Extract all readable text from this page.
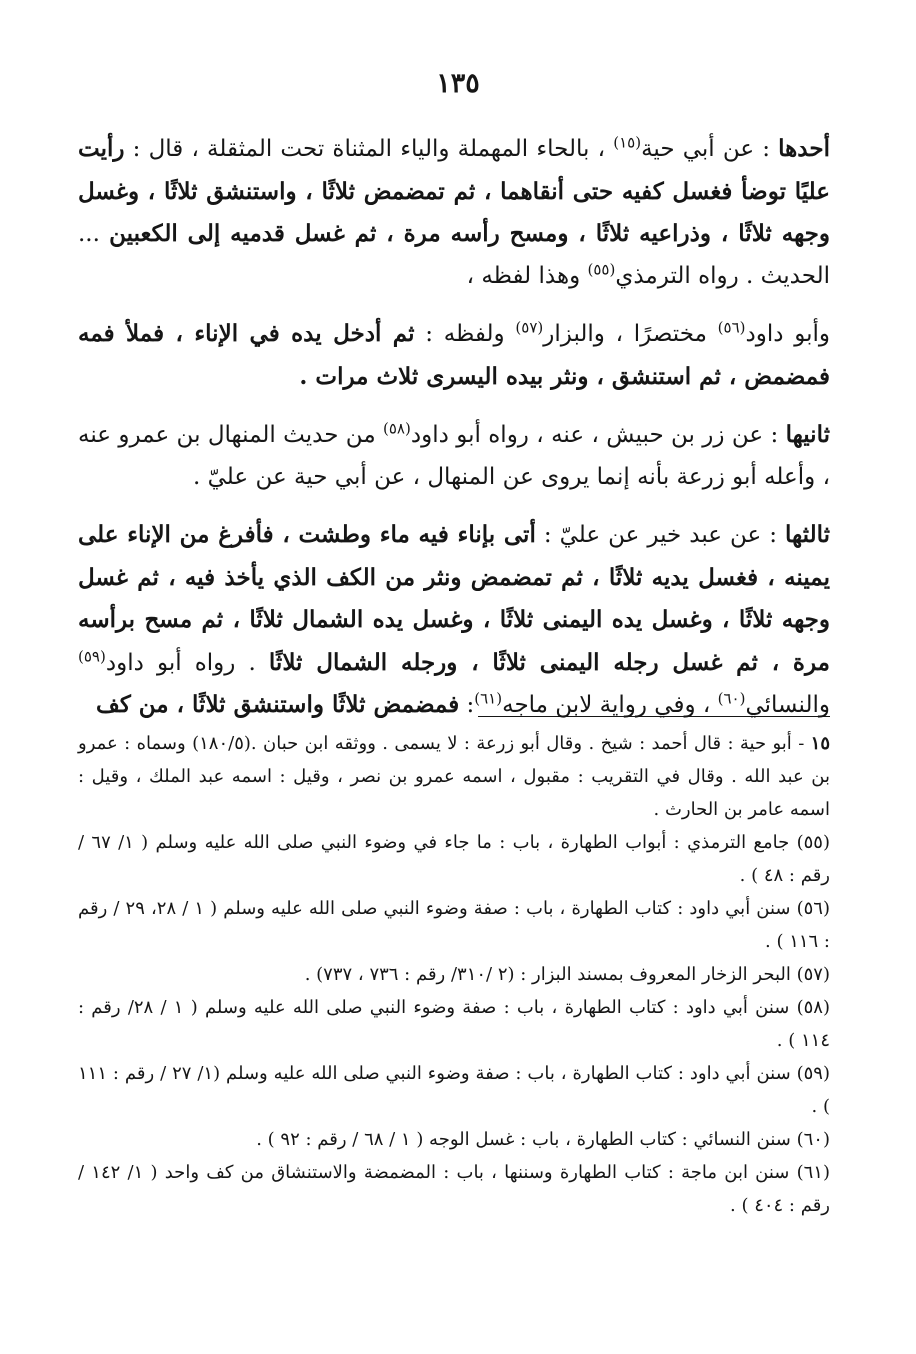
١٣٥

أحدها : عن أبي حية$^{(١٥)}$ ، بالحاء المهملة والياء المثناة تحت المثقلة ، قال : رأيت عليًا توضأ فغسل كفيه حتى أنقاهما ، ثم تمضمض ثلاثًا ، واستنشق ثلاثًا ، وغسل وجهه ثلاثًا ، وذراعيه ثلاثًا ، ومسح رأسه مرة ، ثم غسل قدميه إلى الكعبين ... الحديث . رواه الترمذي$^{(٥٥)}$ وهذا لفظه ،

وأبو داود$^{(٥٦)}$ مختصرًا ، والبزار$^{(٥٧)}$ ولفظه : ثم أدخل يده في الإناء ، فملأ فمه فمضمض ، ثم استنشق ، ونثر بيده اليسرى ثلاث مرات .

ثانيها : عن زر بن حبيش ، عنه ، رواه أبو داود$^{(٥٨)}$ من حديث المنهال بن عمرو عنه ، وأعله أبو زرعة بأنه إنما يروى عن المنهال ، عن أبي حية عن عليّ .

ثالثها : عن عبد خير عن عليّ : أتى بإناء فيه ماء وطشت ، فأفرغ من الإناء على يمينه ، فغسل يديه ثلاثًا ، ثم تمضمض ونثر من الكف الذي يأخذ فيه ، ثم غسل وجهه ثلاثًا ، وغسل يده اليمنى ثلاثًا ، وغسل يده الشمال ثلاثًا ، ثم مسح برأسه مرة ، ثم غسل رجله اليمنى ثلاثًا ، ورجله الشمال ثلاثًا . رواه أبو داود$^{(٥٩)}$ والنسائي$^{(٦٠)}$ ، وفي رواية لابن ماجه$^{(٦١)}$: فمضمض ثلاثًا واستنشق ثلاثًا ، من كف

١٥ - أبو حية : قال أحمد : شيخ . وقال أبو زرعة : لا يسمى . ووثقه ابن حبان .(١٨٠/٥) وسماه : عمرو بن عبد الله . وقال في التقريب : مقبول ، اسمه عمرو بن نصر ، وقيل : اسمه عبد الملك ، وقيل : اسمه عامر بن الحارث .

(٥٥) جامع الترمذي : أبواب الطهارة ، باب : ما جاء في وضوء النبي صلى الله عليه وسلم ( ١/ ٦٧ / رقم : ٤٨ ) .

(٥٦) سنن أبي داود : كتاب الطهارة ، باب : صفة وضوء النبي صلى الله عليه وسلم ( ١ / ٢٨، ٢٩ / رقم : ١١٦ ) .

(٥٧) البحر الزخار المعروف بمسند البزار : (٢ /٣١٠/ رقم : ٧٣٦ ، ٧٣٧) .

(٥٨) سنن أبي داود : كتاب الطهارة ، باب : صفة وضوء النبي صلى الله عليه وسلم ( ١ / ٢٨/ رقم : ١١٤ ) .

(٥٩) سنن أبي داود : كتاب الطهارة ، باب : صفة وضوء النبي صلى الله عليه وسلم (١/ ٢٧ / رقم : ١١١ ) .

(٦٠) سنن النسائي : كتاب الطهارة ، باب : غسل الوجه ( ١ / ٦٨ / رقم : ٩٢ ) .

(٦١) سنن ابن ماجة : كتاب الطهارة وسننها ، باب : المضمضة والاستنشاق من كف واحد ( ١/ ١٤٢ / رقم : ٤٠٤ ) .
